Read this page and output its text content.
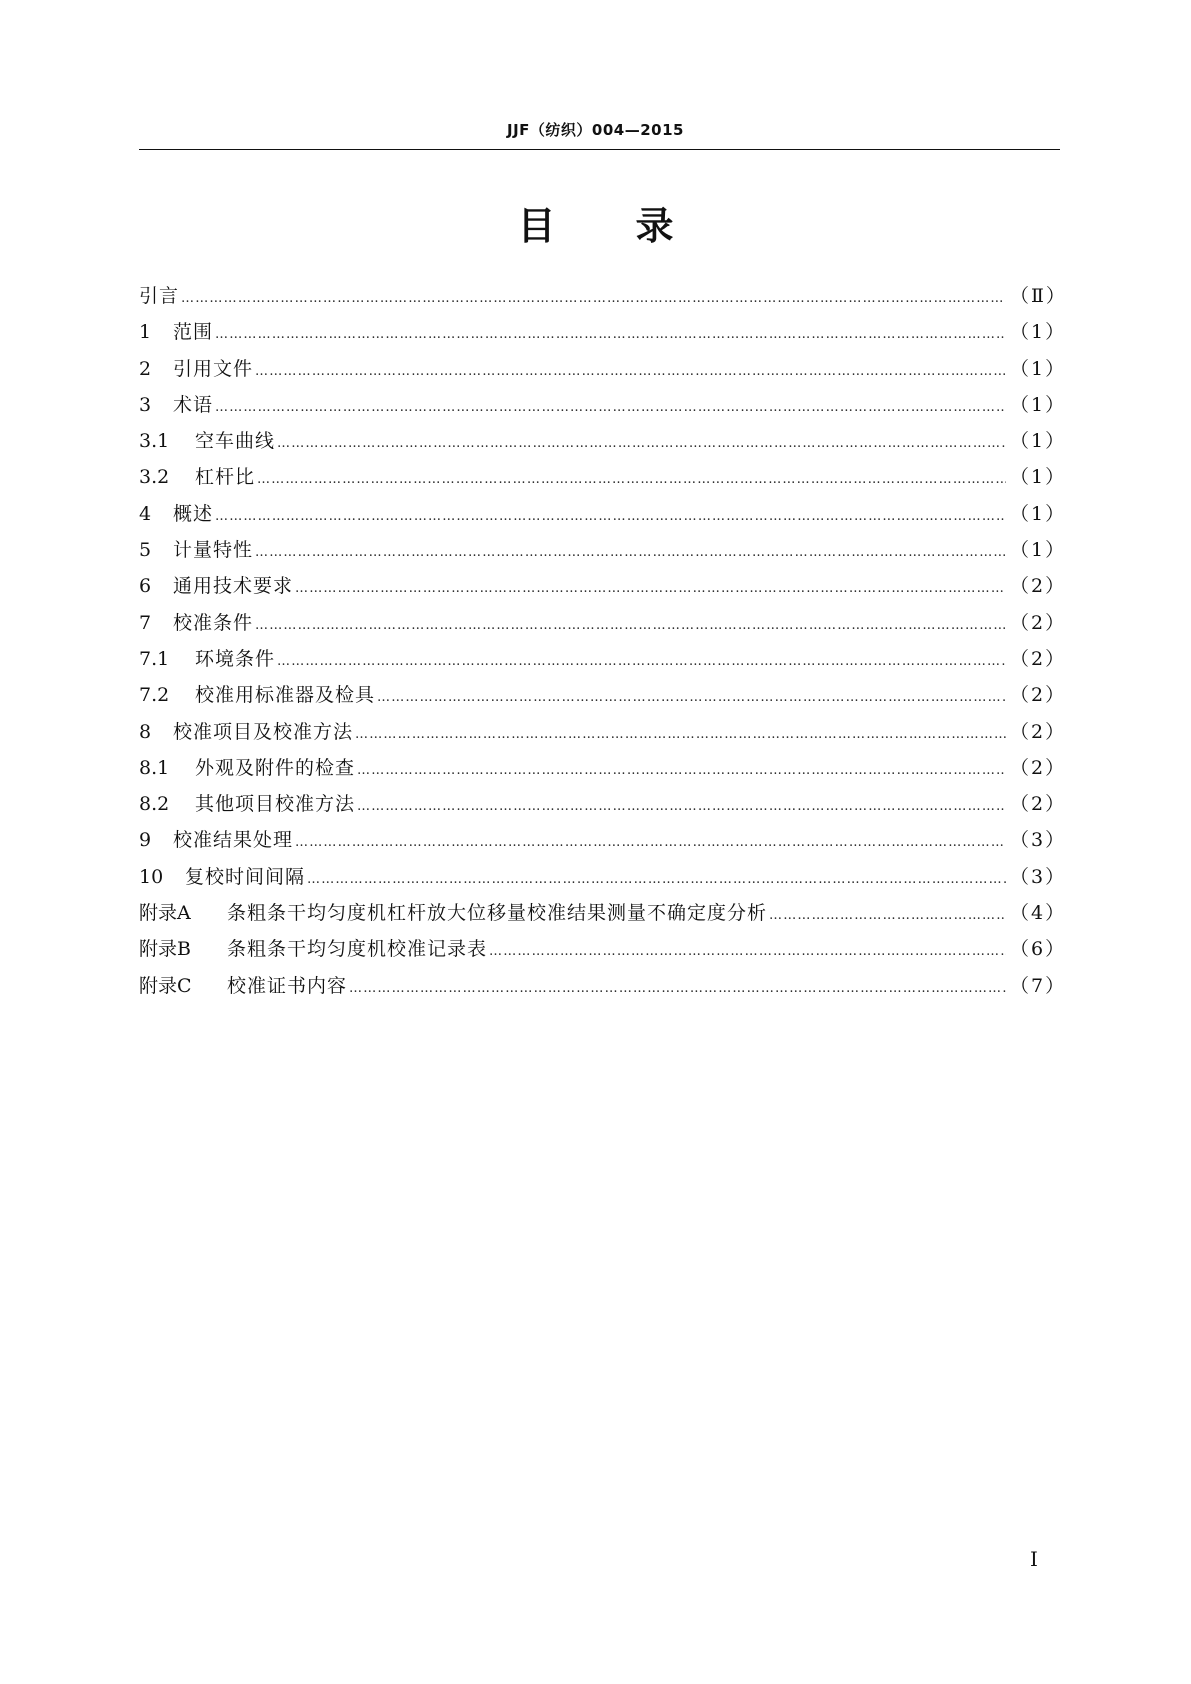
JJF（纺织）004—2015
目 录
引言 ………………………………………………………………………………………………………………………………………………………………………………………………………………………………………………………………………	（Ⅱ）
1	范围 ………………………………………………………………………………………………………………………………………………………………………………………………………………………………………………………………………	（1）
2	引用文件 ………………………………………………………………………………………………………………………………………………………………………………………………………………………………………………………………………	（1）
3	术语 ………………………………………………………………………………………………………………………………………………………………………………………………………………………………………………………………………	（1）
3.1	空车曲线 ………………………………………………………………………………………………………………………………………………………………………………………………………………………………………………………………………	（1）
3.2	杠杆比 ………………………………………………………………………………………………………………………………………………………………………………………………………………………………………………………………………	（1）
4	概述 ………………………………………………………………………………………………………………………………………………………………………………………………………………………………………………………………………	（1）
5	计量特性 ………………………………………………………………………………………………………………………………………………………………………………………………………………………………………………………………………	（1）
6	通用技术要求 ………………………………………………………………………………………………………………………………………………………………………………………………………………………………………………………………………	（2）
7	校准条件 ………………………………………………………………………………………………………………………………………………………………………………………………………………………………………………………………………	（2）
7.1	环境条件 ………………………………………………………………………………………………………………………………………………………………………………………………………………………………………………………………………	（2）
7.2	校准用标准器及检具 ………………………………………………………………………………………………………………………………………………………………………………………………………………………………………………………………………	（2）
8	校准项目及校准方法 ………………………………………………………………………………………………………………………………………………………………………………………………………………………………………………………………………	（2）
8.1	外观及附件的检查 ………………………………………………………………………………………………………………………………………………………………………………………………………………………………………………………………………	（2）
8.2	其他项目校准方法 ………………………………………………………………………………………………………………………………………………………………………………………………………………………………………………………………………	（2）
9	校准结果处理 ………………………………………………………………………………………………………………………………………………………………………………………………………………………………………………………………………	（3）
10	复校时间间隔 ………………………………………………………………………………………………………………………………………………………………………………………………………………………………………………………………………	（3）
附录A	条粗条干均匀度机杠杆放大位移量校准结果测量不确定度分析 ………………………………………………………………………………………………………………………………………………………………………………………………………………………………………………………………………	（4）
附录B	条粗条干均匀度机校准记录表 ………………………………………………………………………………………………………………………………………………………………………………………………………………………………………………………………………	（6）
附录C	校准证书内容 ………………………………………………………………………………………………………………………………………………………………………………………………………………………………………………………………………	（7）
Ⅰ
